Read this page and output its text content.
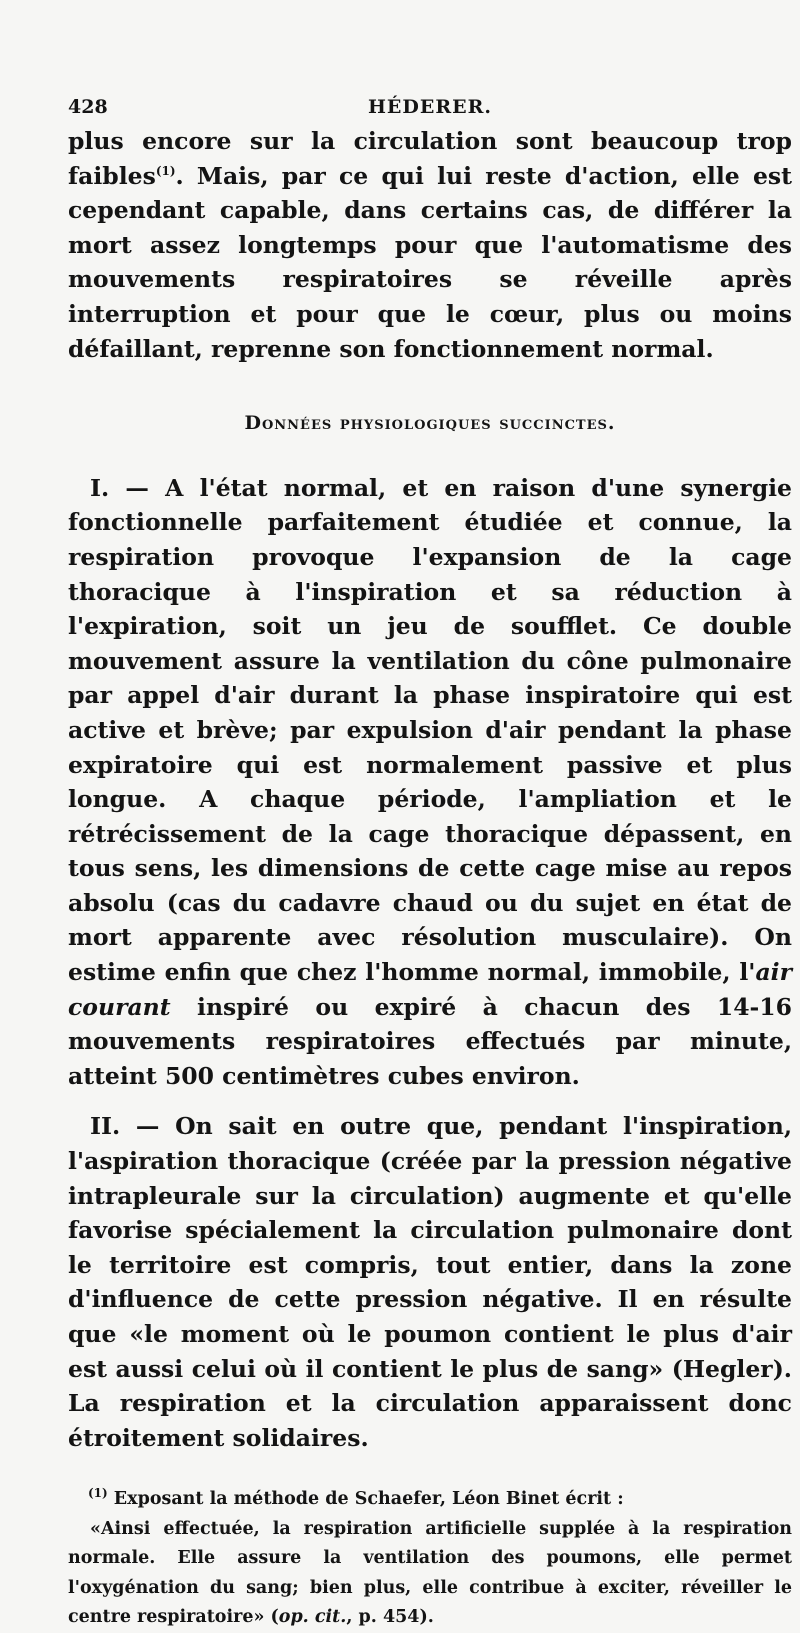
428	HÉDERER.

plus encore sur la circulation sont beaucoup trop faibles$^{(1)}$. Mais, par ce qui lui reste d'action, elle est cependant capable, dans certains cas, de différer la mort assez longtemps pour que l'automatisme des mouvements respiratoires se réveille après interruption et pour que le cœur, plus ou moins défaillant, reprenne son fonctionnement normal.

Données physiologiques succinctes.

I. — A l'état normal, et en raison d'une synergie fonctionnelle parfaitement étudiée et connue, la respiration provoque l'expansion de la cage thoracique à l'inspiration et sa réduction à l'expiration, soit un jeu de soufflet. Ce double mouvement assure la ventilation du cône pulmonaire par appel d'air durant la phase inspiratoire qui est active et brève; par expulsion d'air pendant la phase expiratoire qui est normalement passive et plus longue. A chaque période, l'ampliation et le rétrécissement de la cage thoracique dépassent, en tous sens, les dimensions de cette cage mise au repos absolu (cas du cadavre chaud ou du sujet en état de mort apparente avec résolution musculaire). On estime enfin que chez l'homme normal, immobile, l'air courant inspiré ou expiré à chacun des 14-16 mouvements respiratoires effectués par minute, atteint 500 centimètres cubes environ.

II. — On sait en outre que, pendant l'inspiration, l'aspiration thoracique (créée par la pression négative intrapleurale sur la circulation) augmente et qu'elle favorise spécialement la circulation pulmonaire dont le territoire est compris, tout entier, dans la zone d'influence de cette pression négative. Il en résulte que «le moment où le poumon contient le plus d'air est aussi celui où il contient le plus de sang» (Hegler). La respiration et la circulation apparaissent donc étroitement solidaires.

$^{(1)}$ Exposant la méthode de Schaefer, Léon Binet écrit :

«Ainsi effectuée, la respiration artificielle supplée à la respiration normale. Elle assure la ventilation des poumons, elle permet l'oxygénation du sang; bien plus, elle contribue à exciter, réveiller le centre respiratoire» (op. cit., p. 454).
